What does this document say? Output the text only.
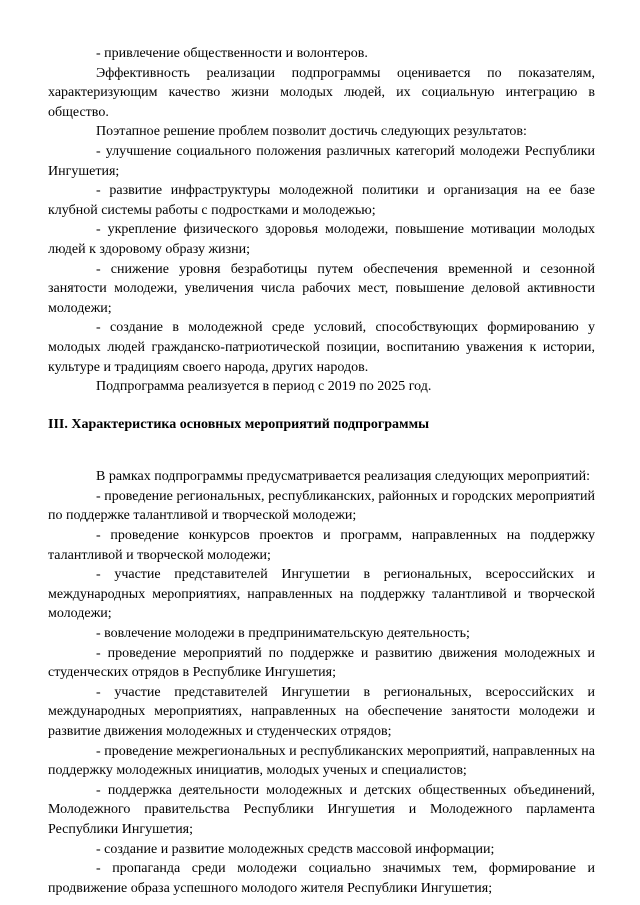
- привлечение общественности и волонтеров.

Эффективность реализации подпрограммы оценивается по показателям, характеризующим качество жизни молодых людей, их социальную интеграцию в общество.

Поэтапное решение проблем позволит достичь следующих результатов:

- улучшение социального положения различных категорий молодежи Республики Ингушетия;

- развитие инфраструктуры молодежной политики и организация на ее базе клубной системы работы с подростками и молодежью;

- укрепление физического здоровья молодежи, повышение мотивации молодых людей к здоровому образу жизни;

- снижение уровня безработицы путем обеспечения временной и сезонной занятости молодежи, увеличения числа рабочих мест, повышение деловой активности молодежи;

- создание в молодежной среде условий, способствующих формированию у молодых людей гражданско-патриотической позиции, воспитанию уважения к истории, культуре и традициям своего народа, других народов.

Подпрограмма реализуется в период с 2019 по 2025 год.

III. Характеристика основных мероприятий подпрограммы

В рамках подпрограммы предусматривается реализация следующих мероприятий:

- проведение региональных, республиканских, районных и городских мероприятий по поддержке талантливой и творческой молодежи;

- проведение конкурсов проектов и программ, направленных на поддержку талантливой и творческой молодежи;

- участие представителей Ингушетии в региональных, всероссийских и международных мероприятиях, направленных на поддержку талантливой и творческой молодежи;

- вовлечение молодежи в предпринимательскую деятельность;

- проведение мероприятий по поддержке и развитию движения молодежных и студенческих отрядов в Республике Ингушетия;

- участие представителей Ингушетии в региональных, всероссийских и международных мероприятиях, направленных на обеспечение занятости молодежи и развитие движения молодежных и студенческих отрядов;

- проведение межрегиональных и республиканских мероприятий, направленных на поддержку молодежных инициатив, молодых ученых и специалистов;

- поддержка деятельности молодежных и детских общественных объединений, Молодежного правительства Республики Ингушетия и Молодежного парламента Республики Ингушетия;

- создание и развитие молодежных средств массовой информации;

- пропаганда среди молодежи социально значимых тем, формирование и продвижение образа успешного молодого жителя Республики Ингушетия;
